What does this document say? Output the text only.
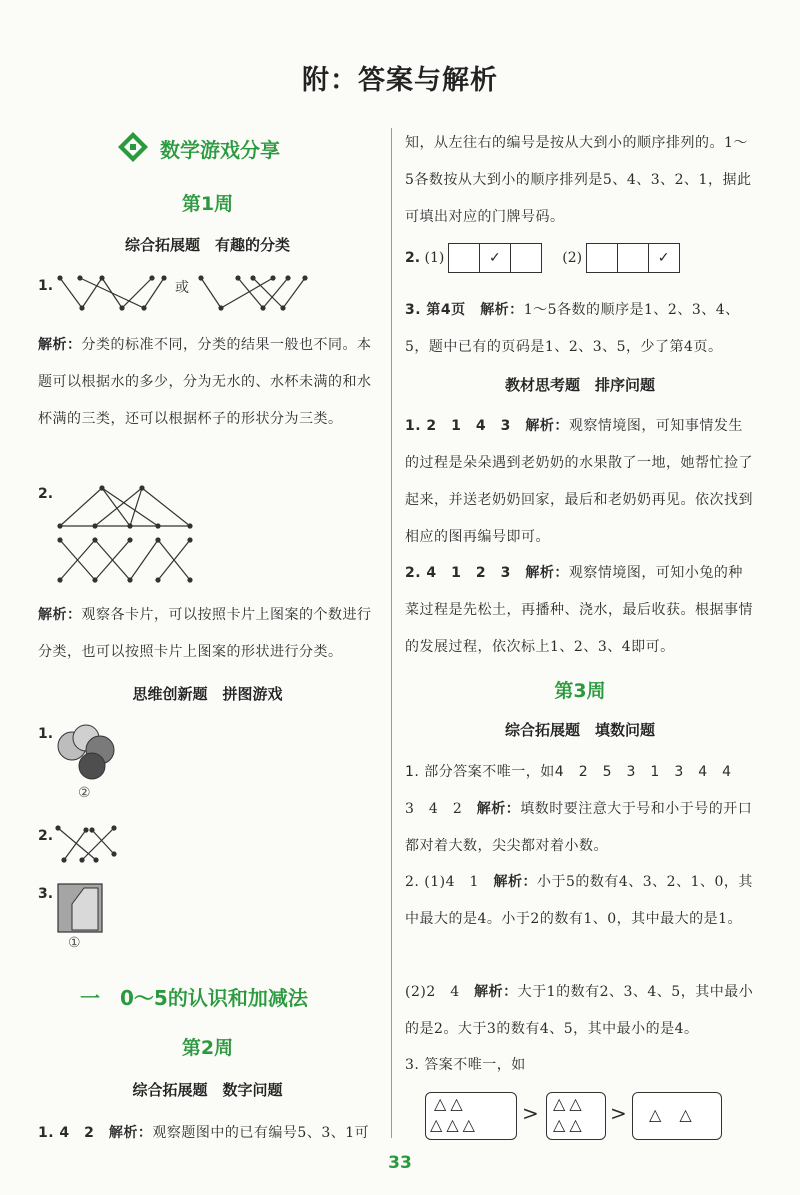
附：答案与解析
数学游戏分享
第1周
综合拓展题　有趣的分类
1.	或
解析：分类的标准不同，分类的结果一般也不同。本题可以根据水的多少，分为无水的、水杯未满的和水杯满的三类，还可以根据杯子的形状分为三类。
2.
解析：观察各卡片，可以按照卡片上图案的个数进行分类，也可以按照卡片上图案的形状进行分类。
思维创新题　拼图游戏
1.
②
2.
3.
①
一　0～5的认识和加减法
第2周
综合拓展题　数字问题
1. 4　2　 解析：观察题图中的已有编号5、3、1可
知，从左往右的编号是按从大到小的顺序排列的。1～5各数按从大到小的顺序排列是5、4、3、2、1，据此可填出对应的门牌号码。
2. (1)	✓	(2)	✓
3. 第4页　 解析：1～5各数的顺序是1、2、3、4、5，题中已有的页码是1、2、3、5，少了第4页。
教材思考题　排序问题
1. 2　1　4　3　 解析：观察情境图，可知事情发生的过程是朵朵遇到老奶奶的水果散了一地，她帮忙捡了起来，并送老奶奶回家，最后和老奶奶再见。依次找到相应的图再编号即可。
2. 4　1　2　3　 解析：观察情境图，可知小兔的种菜过程是先松土，再播种、浇水，最后收获。根据事情的发展过程，依次标上1、2、3、4即可。
第3周
综合拓展题　填数问题
1. 部分答案不唯一，如4　2　5　3　1　3　4　4
3　4　2　 解析：填数时要注意大于号和小于号的开口都对着大数，尖尖都对着小数。
2. (1)4　1　 解析：小于5的数有4、3、2、1、0，其中最大的是4。小于2的数有1、0，其中最大的是1。
(2)2　4　 解析：大于1的数有2、3、4、5，其中最小的是2。大于3的数有4、5，其中最小的是4。
3. 答案不唯一，如
△△
△△△ > △△
△△ > △△
33
